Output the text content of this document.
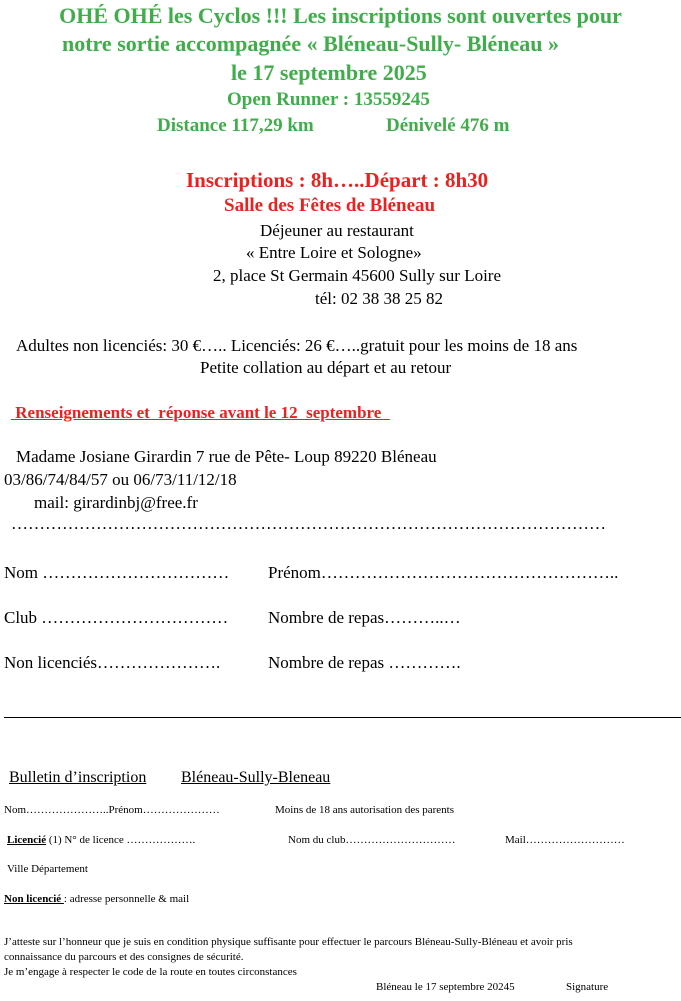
OHÉ OHÉ les Cyclos !!! Les inscriptions sont ouvertes pour
notre sortie accompagnée « Bléneau-Sully- Bléneau »
le 17 septembre 2025
Open Runner : 13559245
Distance 117,29 km	Dénivelé 476 m
Inscriptions : 8h…..Départ : 8h30
Salle des Fêtes de Bléneau
Déjeuner au restaurant
« Entre Loire et Sologne»
2, place St Germain 45600 Sully sur Loire
tél: 02 38 38 25 82
Adultes non licenciés: 30 €….. Licenciés: 26 €…..gratuit pour les moins de 18 ans
Petite collation au départ et au retour
Renseignements et  réponse avant le 12  septembre
Madame Josiane Girardin 7 rue de Pête- Loup 89220 Bléneau
03/86/74/84/57 ou 06/73/11/12/18
mail: girardinbj@free.fr
……………………………………………………………………………………………
Nom …………………………… Prénom……………………………………………..
Club …………………………… Nombre de repas………..…
Non licenciés………………….	Nombre de repas ………….
Bulletin d’inscription Bléneau-Sully-Bleneau
Nom…………………..Prénom…………………	Moins de 18 ans autorisation des parents
Licencié (1) N° de licence ……………….	Nom du club…………………………	Mail………………………
Ville Département
Non licencié : adresse personnelle & mail
J’atteste sur l’honneur que je suis en condition physique suffisante pour effectuer le parcours Bléneau-Sully-Bléneau et avoir pris
connaissance du parcours et des consignes de sécurité.
Je m’engage à respecter le code de la route en toutes circonstances
Bléneau le 17 septembre 20245	Signature
